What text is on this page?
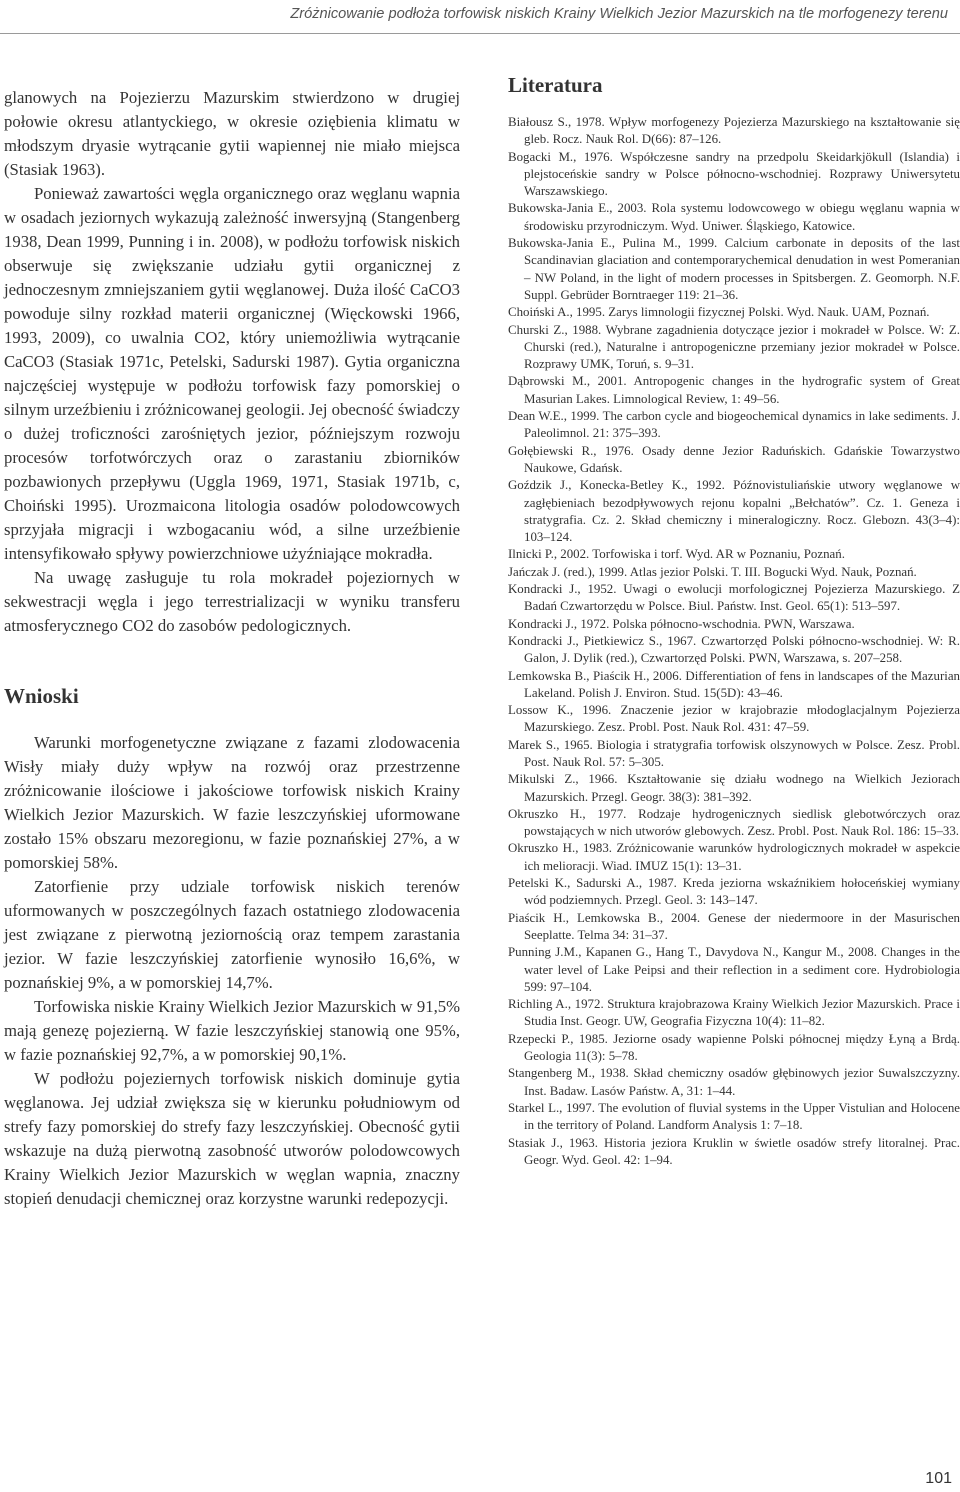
Zróżnicowanie podłoża torfowisk niskich Krainy Wielkich Jezior Mazurskich na tle morfogenezy terenu

glanowych na Pojezierzu Mazurskim stwierdzono w drugiej połowie okresu atlantyckiego, w okresie oziębienia klimatu w młodszym dryasie wytrącanie gytii wapiennej nie miało miejsca (Stasiak 1963).

Ponieważ zawartości węgla organicznego oraz węglanu wapnia w osadach jeziornych wykazują zależność inwersyjną (Stangenberg 1938, Dean 1999, Punning i in. 2008), w podłożu torfowisk niskich obserwuje się zwiększanie udziału gytii organicznej z jednoczesnym zmniejszaniem gytii węglanowej. Duża ilość CaCO3 powoduje silny rozkład materii organicznej (Więckowski 1966, 1993, 2009), co uwalnia CO2, który uniemożliwia wytrącanie CaCO3 (Stasiak 1971c, Petelski, Sadurski 1987). Gytia organiczna najczęściej występuje w podłożu torfowisk fazy pomorskiej o silnym urzeźbieniu i zróżnicowanej geologii. Jej obecność świadczy o dużej troficzności zarośniętych jezior, późniejszym rozwoju procesów torfotwórczych oraz o zarastaniu zbiorników pozbawionych przepływu (Uggla 1969, 1971, Stasiak 1971b, c, Choiński 1995). Urozmaicona litologia osadów polodowcowych sprzyjała migracji i wzbogacaniu wód, a silne urzeźbienie intensyfikowało spływy powierzchniowe użyźniające mokradła.

Na uwagę zasługuje tu rola mokradeł pojeziornych w sekwestracji węgla i jego terrestrializacji w wyniku transferu atmosferycznego CO2 do zasobów pedologicznych.

Wnioski

Warunki morfogenetyczne związane z fazami zlodowacenia Wisły miały duży wpływ na rozwój oraz przestrzenne zróżnicowanie ilościowe i jakościowe torfowisk niskich Krainy Wielkich Jezior Mazurskich. W fazie leszczyńskiej uformowane zostało 15% obszaru mezoregionu, w fazie poznańskiej 27%, a w pomorskiej 58%.

Zatorfienie przy udziale torfowisk niskich terenów uformowanych w poszczególnych fazach ostatniego zlodowacenia jest związane z pierwotną jeziornością oraz tempem zarastania jezior. W fazie leszczyńskiej zatorfienie wynosiło 16,6%, w poznańskiej 9%, a w pomorskiej 14,7%.

Torfowiska niskie Krainy Wielkich Jezior Mazurskich w 91,5% mają genezę pojezierną. W fazie leszczyńskiej stanowią one 95%, w fazie poznańskiej 92,7%, a w pomorskiej 90,1%.

W podłożu pojeziernych torfowisk niskich dominuje gytia węglanowa. Jej udział zwiększa się w kierunku południowym od strefy fazy pomorskiej do strefy fazy leszczyńskiej. Obecność gytii wskazuje na dużą pierwotną zasobność utworów polodowcowych Krainy Wielkich Jezior Mazurskich w węglan wapnia, znaczny stopień denudacji chemicznej oraz korzystne warunki redepozycji.

Literatura

Białousz S., 1978. Wpływ morfogenezy Pojezierza Mazurskiego na kształtowanie się gleb. Rocz. Nauk Rol. D(66): 87–126.

Bogacki M., 1976. Współczesne sandry na przedpolu Skeidarkjökull (Islandia) i plejstoceńskie sandry w Polsce północno-wschodniej. Rozprawy Uniwersytetu Warszawskiego.

Bukowska-Jania E., 2003. Rola systemu lodowcowego w obiegu węglanu wapnia w środowisku przyrodniczym. Wyd. Uniwer. Śląskiego, Katowice.

Bukowska-Jania E., Pulina M., 1999. Calcium carbonate in deposits of the last Scandinavian glaciation and contemporarychemical denudation in west Pomeranian – NW Poland, in the light of modern processes in Spitsbergen. Z. Geomorph. N.F. Suppl. Gebrüder Borntraeger 119: 21–36.

Choiński A., 1995. Zarys limnologii fizycznej Polski. Wyd. Nauk. UAM, Poznań.

Churski Z., 1988. Wybrane zagadnienia dotyczące jezior i mokradeł w Polsce. W: Z. Churski (red.), Naturalne i antropogeniczne przemiany jezior mokradeł w Polsce. Rozprawy UMK, Toruń, s. 9–31.

Dąbrowski M., 2001. Antropogenic changes in the hydrografic system of Great Masurian Lakes. Limnological Review, 1: 49–56.

Dean W.E., 1999. The carbon cycle and biogeochemical dynamics in lake sediments. J. Paleolimnol. 21: 375–393.

Gołębiewski R., 1976. Osady denne Jezior Raduńskich. Gdańskie Towarzystwo Naukowe, Gdańsk.

Goździk J., Konecka-Betley K., 1992. Późnovistuliańskie utwory węglanowe w zagłębieniach bezodpływowych rejonu kopalni „Bełchatów”. Cz. 1. Geneza i stratygrafia. Cz. 2. Skład chemiczny i mineralogiczny. Rocz. Glebozn. 43(3–4): 103–124.

Ilnicki P., 2002. Torfowiska i torf. Wyd. AR w Poznaniu, Poznań.

Jańczak J. (red.), 1999. Atlas jezior Polski. T. III. Bogucki Wyd. Nauk, Poznań.

Kondracki J., 1952. Uwagi o ewolucji morfologicznej Pojezierza Mazurskiego. Z Badań Czwartorzędu w Polsce. Biul. Państw. Inst. Geol. 65(1): 513–597.

Kondracki J., 1972. Polska północno-wschodnia. PWN, Warszawa.

Kondracki J., Pietkiewicz S., 1967. Czwartorzęd Polski północno-wschodniej. W: R. Galon, J. Dylik (red.), Czwartorzęd Polski. PWN, Warszawa, s. 207–258.

Lemkowska B., Piaścik H., 2006. Differentiation of fens in landscapes of the Mazurian Lakeland. Polish J. Environ. Stud. 15(5D): 43–46.

Lossow K., 1996. Znaczenie jezior w krajobrazie młodoglacjalnym Pojezierza Mazurskiego. Zesz. Probl. Post. Nauk Rol. 431: 47–59.

Marek S., 1965. Biologia i stratygrafia torfowisk olszynowych w Polsce. Zesz. Probl. Post. Nauk Rol. 57: 5–305.

Mikulski Z., 1966. Kształtowanie się działu wodnego na Wielkich Jeziorach Mazurskich. Przegl. Geogr. 38(3): 381–392.

Okruszko H., 1977. Rodzaje hydrogenicznych siedlisk glebotwórczych oraz powstających w nich utworów glebowych. Zesz. Probl. Post. Nauk Rol. 186: 15–33.

Okruszko H., 1983. Zróżnicowanie warunków hydrologicznych mokradeł w aspekcie ich melioracji. Wiad. IMUZ 15(1): 13–31.

Petelski K., Sadurski A., 1987. Kreda jeziorna wskaźnikiem hołoceńskiej wymiany wód podziemnych. Przegl. Geol. 3: 143–147.

Piaścik H., Lemkowska B., 2004. Genese der niedermoore in der Masurischen Seeplatte. Telma 34: 31–37.

Punning J.M., Kapanen G., Hang T., Davydova N., Kangur M., 2008. Changes in the water level of Lake Peipsi and their reflection in a sediment core. Hydrobiologia 599: 97–104.

Richling A., 1972. Struktura krajobrazowa Krainy Wielkich Jezior Mazurskich. Prace i Studia Inst. Geogr. UW, Geografia Fizyczna 10(4): 11–82.

Rzepecki P., 1985. Jeziorne osady wapienne Polski północnej między Łyną a Brdą. Geologia 11(3): 5–78.

Stangenberg M., 1938. Skład chemiczny osadów głębinowych jezior Suwalszczyzny. Inst. Badaw. Lasów Państw. A, 31: 1–44.

Starkel L., 1997. The evolution of fluvial systems in the Upper Vistulian and Holocene in the territory of Poland. Landform Analysis 1: 7–18.

Stasiak J., 1963. Historia jeziora Kruklin w świetle osadów strefy litoralnej. Prac. Geogr. Wyd. Geol. 42: 1–94.

101
